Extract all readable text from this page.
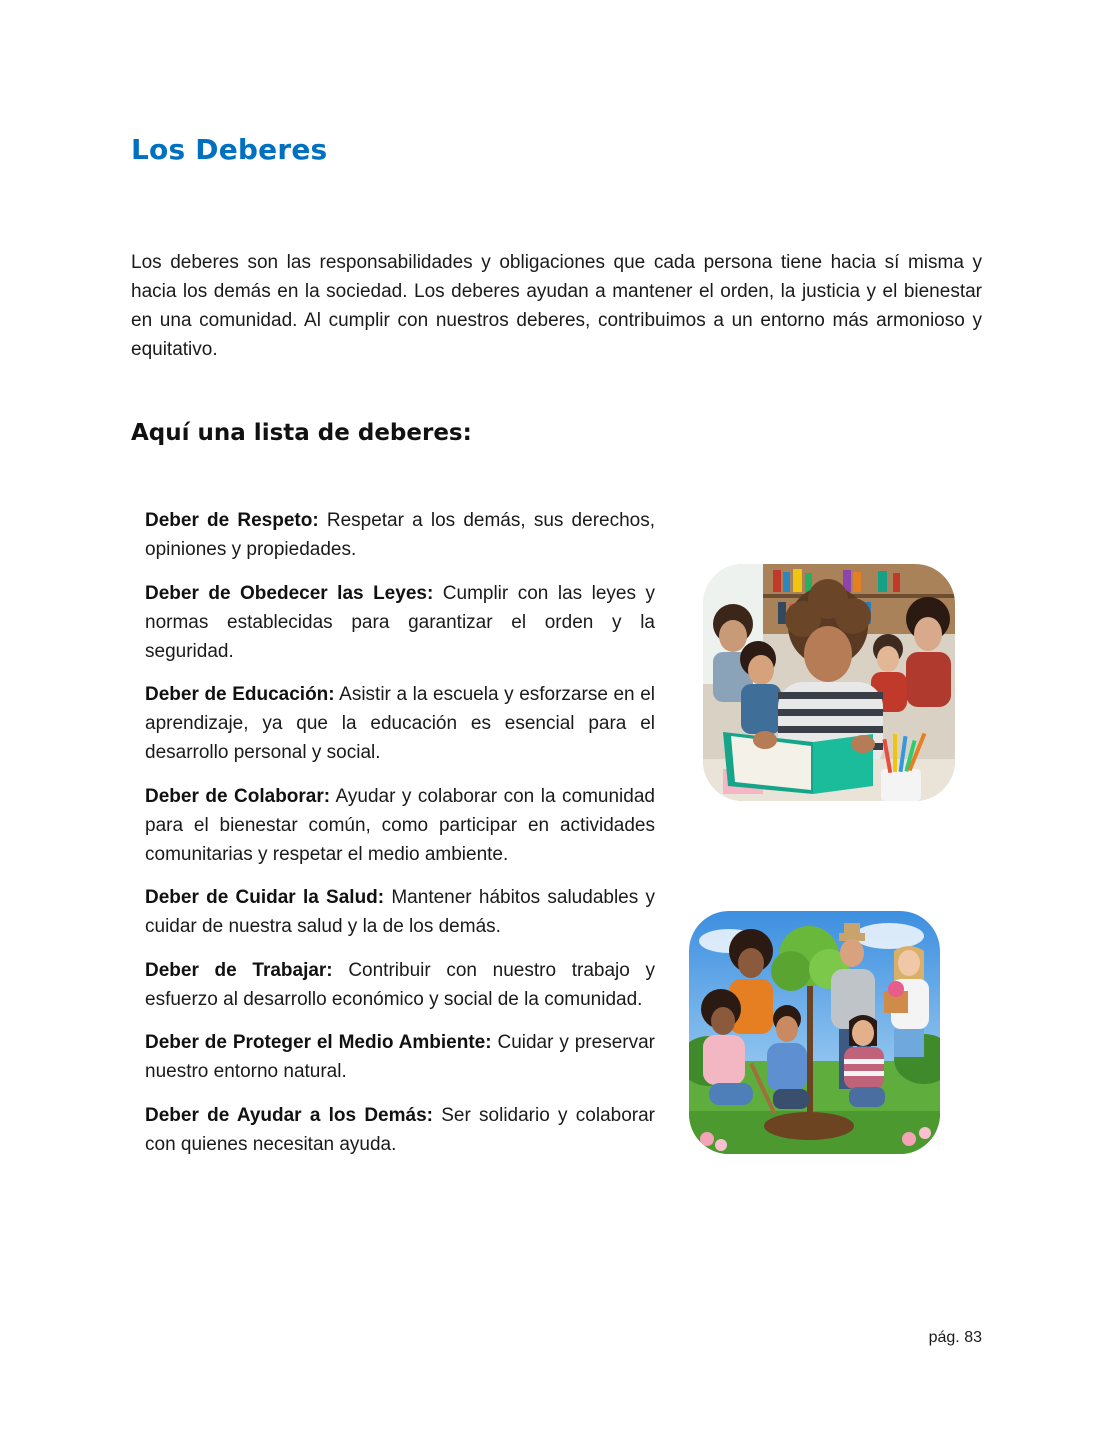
Los Deberes

Los deberes son las responsabilidades y obligaciones que cada persona tiene hacia sí misma y hacia los demás en la sociedad. Los deberes ayudan a mantener el orden, la justicia y el bienestar en una comunidad. Al cumplir con nuestros deberes, contribuimos a un entorno más armonioso y equitativo.

Aquí una lista de deberes:
Deber de Respeto: Respetar a los demás, sus derechos, opiniones y propiedades.
Deber de Obedecer las Leyes: Cumplir con las leyes y normas establecidas para garantizar el orden y la seguridad.
Deber de Educación: Asistir a la escuela y esforzarse en el aprendizaje, ya que la educación es esencial para el desarrollo personal y social.
Deber de Colaborar: Ayudar y colaborar con la comunidad para el bienestar común, como participar en actividades comunitarias y respetar el medio ambiente.
Deber de Cuidar la Salud: Mantener hábitos saludables y cuidar de nuestra salud y la de los demás.
Deber de Trabajar: Contribuir con nuestro trabajo y esfuerzo al desarrollo económico y social de la comunidad.
Deber de Proteger el Medio Ambiente: Cuidar y preservar nuestro entorno natural.
Deber de Ayudar a los Demás: Ser solidario y colaborar con quienes necesitan ayuda.
pág. 83
